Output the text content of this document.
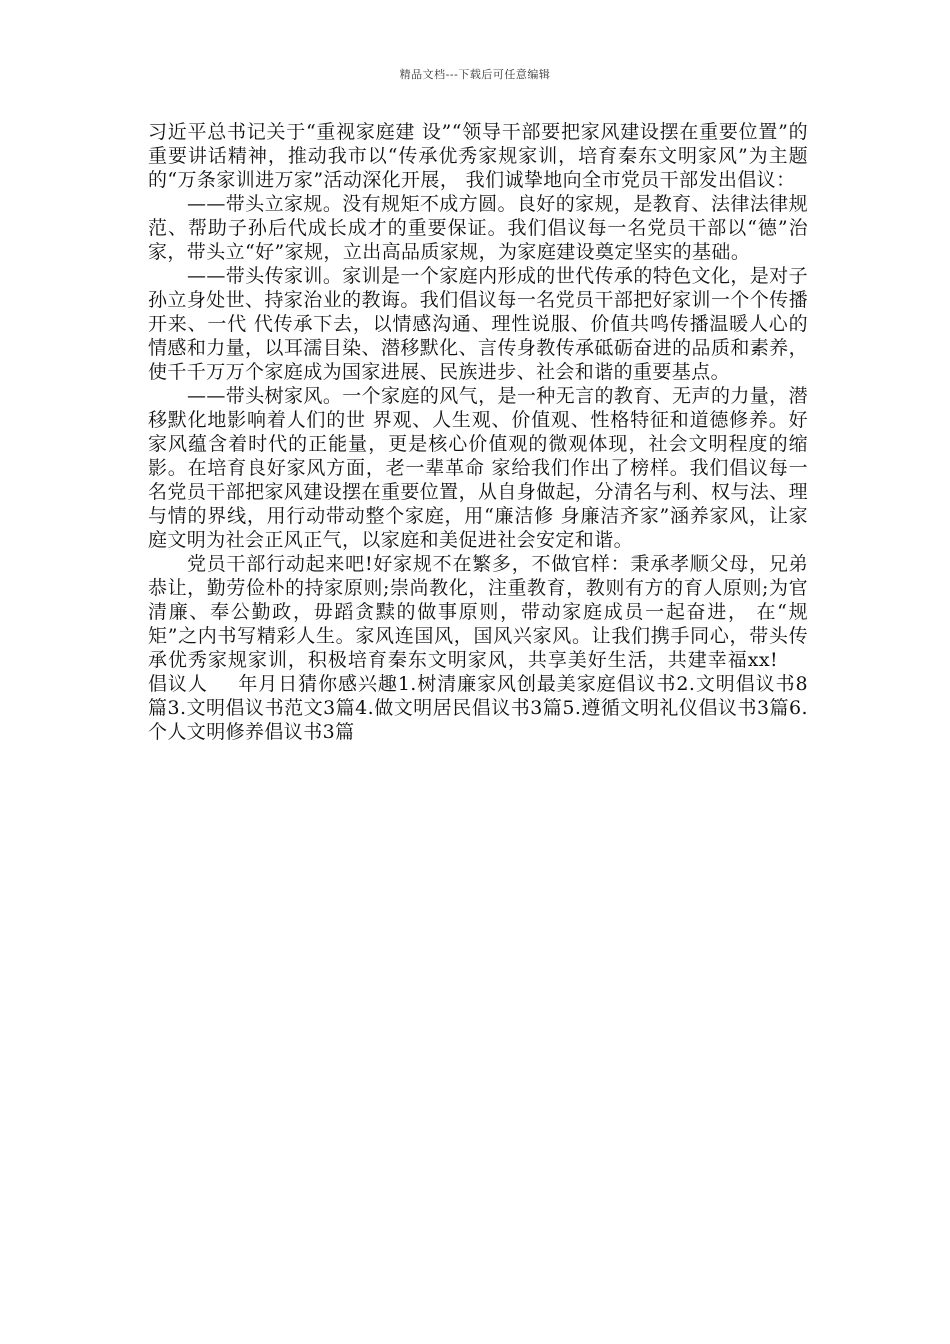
精品文档---下载后可任意编辑

习近平总书记关于“重视家庭建 设”“领导干部要把家风建设摆在重要位置”的重要讲话精神，推动我市以“传承优秀家规家训，培育秦东文明家风”为主题的“万条家训进万家”活动深化开展， 我们诚挚地向全市党员干部发出倡议：

——带头立家规。没有规矩不成方圆。良好的家规，是教育、法律法律规范、帮助子孙后代成长成才的重要保证。我们倡议每一名党员干部以“德”治家，带头立“好”家规，立出高品质家规，为家庭建设奠定坚实的基础。

——带头传家训。家训是一个家庭内形成的世代传承的特色文化，是对子孙立身处世、持家治业的教诲。我们倡议每一名党员干部把好家训一个个传播开来、一代 代传承下去，以情感沟通、理性说服、价值共鸣传播温暖人心的情感和力量，以耳濡目染、潜移默化、言传身教传承砥砺奋进的品质和素养，使千千万万个家庭成为国家进展、民族进步、社会和谐的重要基点。

——带头树家风。一个家庭的风气，是一种无言的教育、无声的力量，潜移默化地影响着人们的世 界观、人生观、价值观、性格特征和道德修养。好家风蕴含着时代的正能量，更是核心价值观的微观体现，社会文明程度的缩影。在培育良好家风方面，老一辈革命 家给我们作出了榜样。我们倡议每一名党员干部把家风建设摆在重要位置，从自身做起，分清名与利、权与法、理与情的界线，用行动带动整个家庭，用“廉洁修 身廉洁齐家”涵养家风，让家庭文明为社会正风正气，以家庭和美促进社会安定和谐。

党员干部行动起来吧!好家规不在繁多，不做官样：秉承孝顺父母，兄弟恭让，勤劳俭朴的持家原则;崇尚教化，注重教育，教则有方的育人原则;为官清廉、奉公勤政，毋蹈贪黩的做事原则，带动家庭成员一起奋进， 在“规矩”之内书写精彩人生。家风连国风，国风兴家风。让我们携手同心，带头传承优秀家规家训，积极培育秦东文明家风，共享美好生活，共建幸福xx!倡议人 年月日猜你感兴趣1.树清廉家风创最美家庭倡议书2.文明倡议书8篇3.文明倡议书范文3篇4.做文明居民倡议书3篇5.遵循文明礼仪倡议书3篇6.个人文明修养倡议书3篇
